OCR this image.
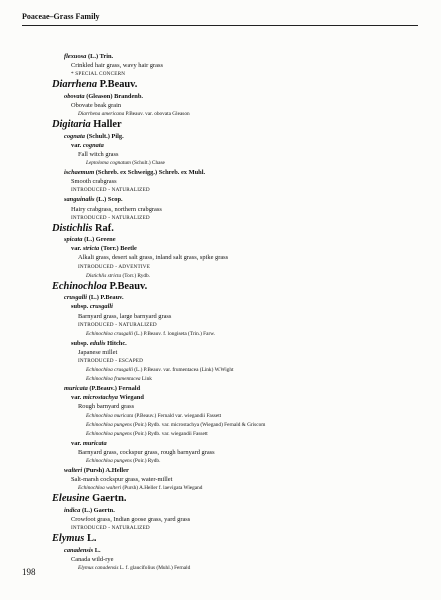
Poaceae–Grass Family
flexuosa (L.) Trin.
Crinkled hair grass, wavy hair grass
* SPECIAL CONCERN
Diarrhena P.Beauv.
obovata (Gleason) Brandenb.
Obovate beak grain
Diarrhena americana P.Beauv. var. obovata Gleason
Digitaria Haller
cognata (Schult.) Pilg.
var. cognata
Fall witch grass
Leptoloma cognatum (Schult.) Chase
ischaemum (Schreb. ex Schweigg.) Schreb. ex Muhl.
Smooth crabgrass
INTRODUCED - NATURALIZED
sanguinalis (L.) Scop.
Hairy crabgrass, northern crabgrass
INTRODUCED - NATURALIZED
Distichlis Raf.
spicata (L.) Greene
var. stricta (Torr.) Beetle
Alkali grass, desert salt grass, inland salt grass, spike grass
INTRODUCED - ADVENTIVE
Distichlis stricta (Torr.) Rydb.
Echinochloa P.Beauv.
crusgalli (L.) P.Beauv.
subsp. crusgalli
Barnyard grass, large barnyard grass
INTRODUCED - NATURALIZED
Echinochloa crusgalli (L.) P.Beauv. f. longiseta (Trin.) Farw.
subsp. edulis Hitchc.
Japanese millet
INTRODUCED - ESCAPED
Echinochloa crusgalli (L.) P.Beauv. var. frumentacea (Link) W.Wight
Echinochloa frumentacea Link
muricata (P.Beauv.) Fernald
var. microstachya Wiegand
Rough barnyard grass
Echinochloa muricata (P.Beauv.) Fernald var. wiegandii Fassett
Echinochloa pungens (Poir.) Rydb. var. microstachya (Wiegand) Fernald & Griscom
Echinochloa pungens (Poir.) Rydb. var. wiegandii Fassett
var. muricata
Barnyard grass, cockspur grass, rough barnyard grass
Echinochloa pungens (Poir.) Rydb.
walteri (Pursh) A.Heller
Salt-marsh cockspur grass, water-millet
Echinochloa walteri (Pursh) A.Heller f. laevigata Wiegand
Eleusine Gaertn.
indica (L.) Gaertn.
Crowfoot grass, Indian goose grass, yard grass
INTRODUCED - NATURALIZED
Elymus L.
canadensis L.
Canada wild-rye
Elymus canadensis L. f. glaucifolius (Muhl.) Fernald
198
